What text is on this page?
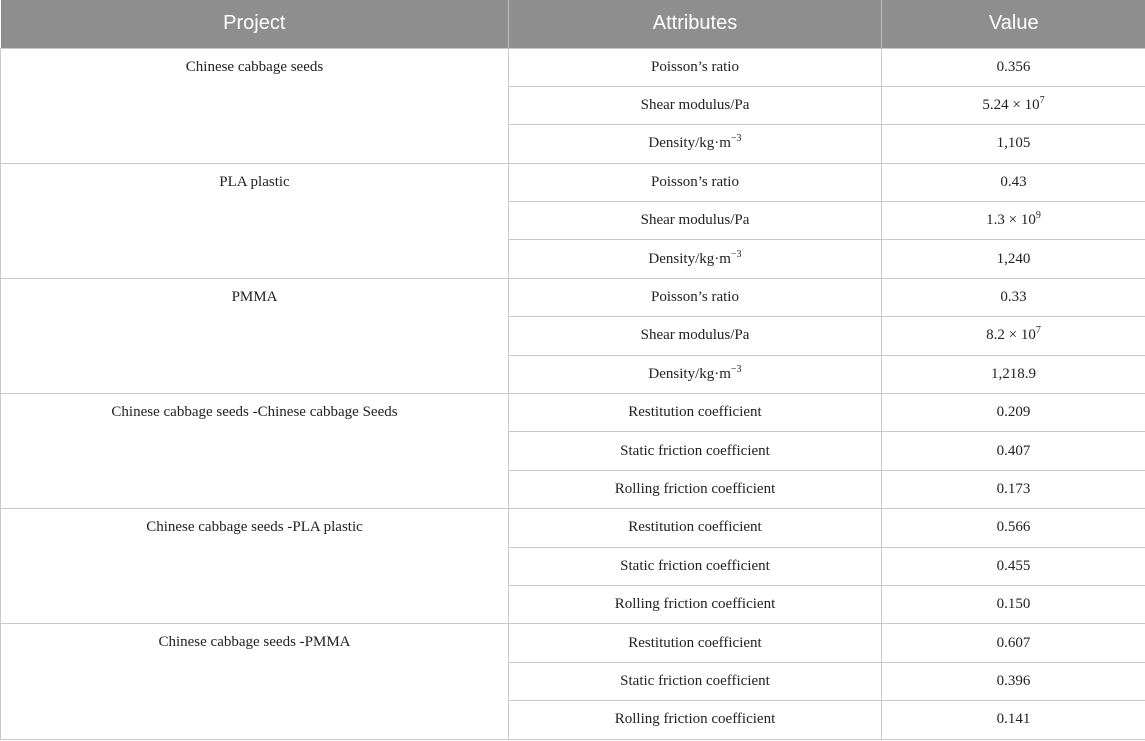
Project	Attributes	Value
Chinese cabbage seeds	Poisson’s ratio	0.356
	Shear modulus/Pa	$5.24 \times 10^7$
	Density/$kg\cdot m^{-3}$	1,105
PLA plastic	Poisson’s ratio	0.43
	Shear modulus/Pa	$1.3 \times 10^9$
	Density/$kg\cdot m^{-3}$	1,240
PMMA	Poisson’s ratio	0.33
	Shear modulus/Pa	$8.2 \times 10^7$
	Density/$kg\cdot m^{-3}$	1,218.9
Chinese cabbage seeds -Chinese cabbage Seeds	Restitution coefficient	0.209
	Static friction coefficient	0.407
	Rolling friction coefficient	0.173
Chinese cabbage seeds -PLA plastic	Restitution coefficient	0.566
	Static friction coefficient	0.455
	Rolling friction coefficient	0.150
Chinese cabbage seeds -PMMA	Restitution coefficient	0.607
	Static friction coefficient	0.396
	Rolling friction coefficient	0.141
